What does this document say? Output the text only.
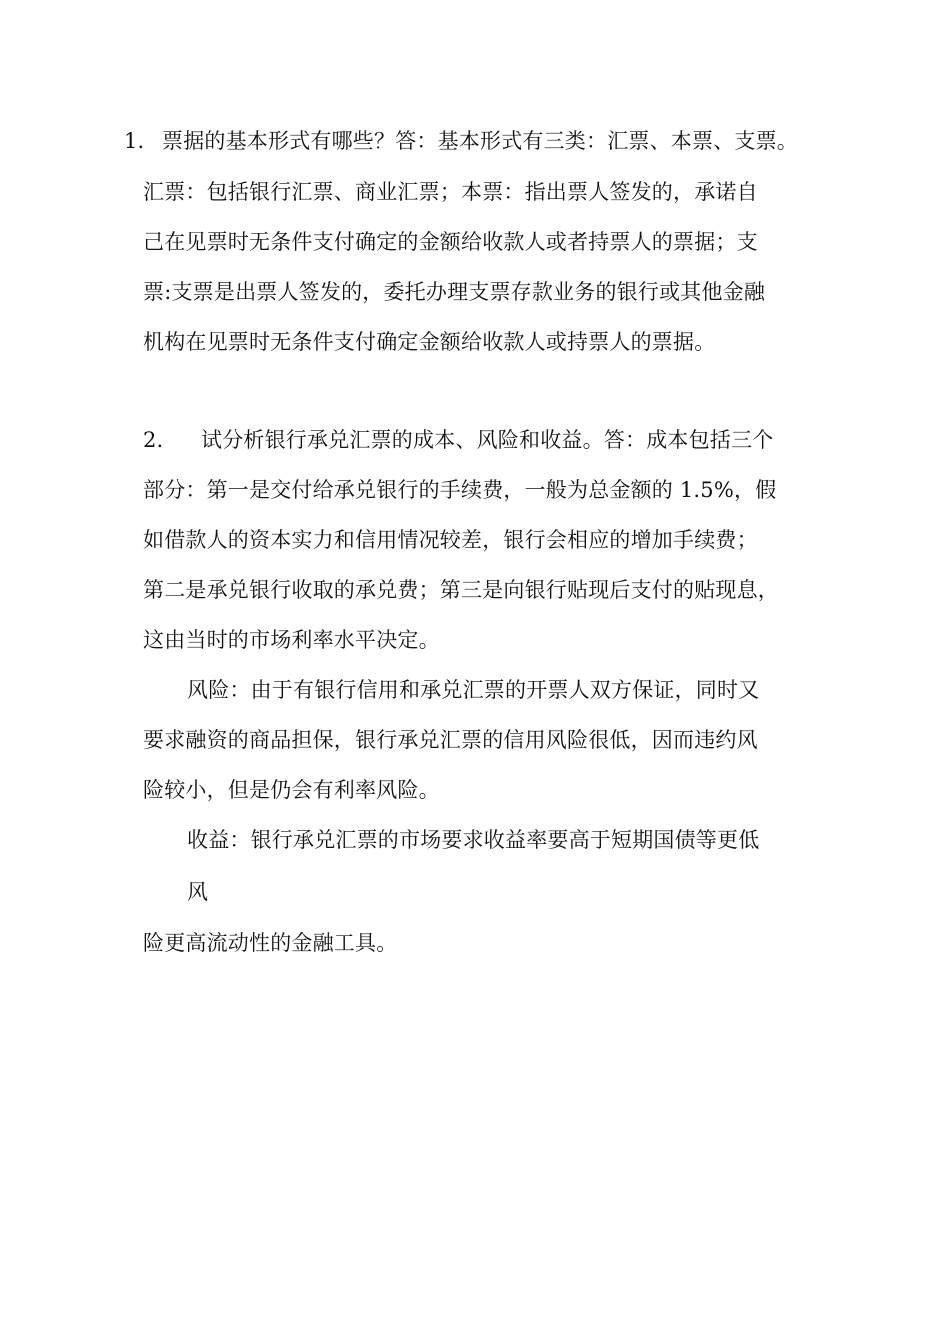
1. 票据的基本形式有哪些？答：基本形式有三类：汇票、本票、支票。
汇票：包括银行汇票、商业汇票；本票：指出票人签发的，承诺自
己在见票时无条件支付确定的金额给收款人或者持票人的票据；支
票:支票是出票人签发的，委托办理支票存款业务的银行或其他金融
机构在见票时无条件支付确定金额给收款人或持票人的票据。
2. 试分析银行承兑汇票的成本、风险和收益。答：成本包括三个
部分：第一是交付给承兑银行的手续费，一般为总金额的 1.5%，假
如借款人的资本实力和信用情况较差，银行会相应的增加手续费；
第二是承兑银行收取的承兑费；第三是向银行贴现后支付的贴现息，
这由当时的市场利率水平决定。
风险：由于有银行信用和承兑汇票的开票人双方保证，同时又
要求融资的商品担保，银行承兑汇票的信用风险很低，因而违约风
险较小，但是仍会有利率风险。
收益：银行承兑汇票的市场要求收益率要高于短期国债等更低
风
险更高流动性的金融工具。
